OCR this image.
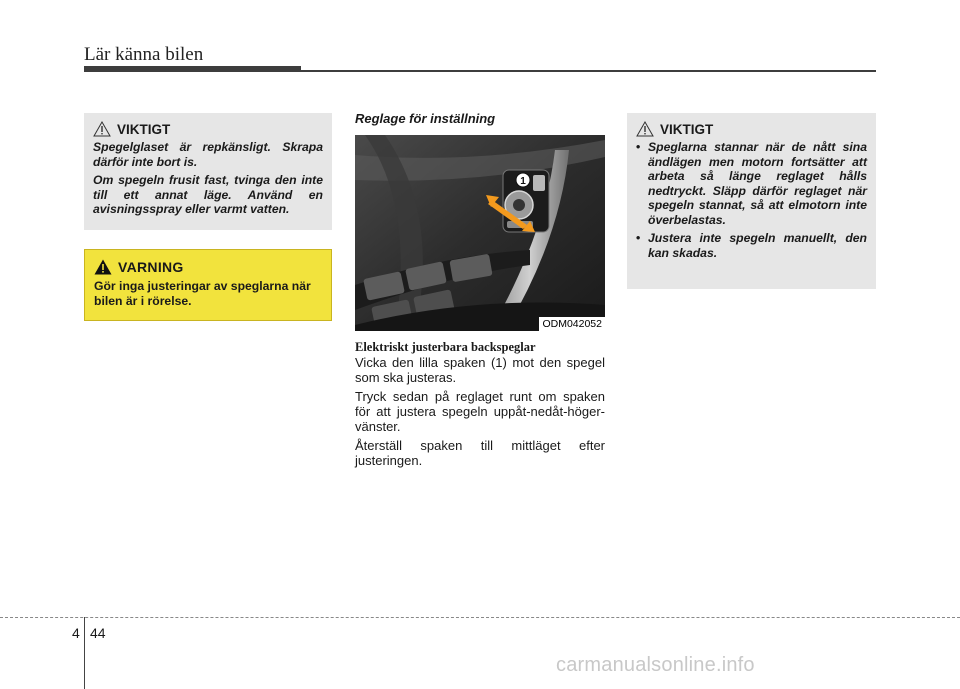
Lär känna bilen
VIKTIGT

Spegelglaset är repkänsligt. Skrapa därför inte bort is.

Om spegeln frusit fast, tvinga den inte till ett annat läge. Använd en avisningsspray eller varmt vatten.

VARNING
Gör inga justeringar av speglarna när bilen är i rörelse.
Reglage för inställning
1
ODM042052
Elektriskt justerbara backspeglar

Vicka den lilla spaken (1) mot den spegel som ska justeras.

Tryck sedan på reglaget runt om spaken för att justera spegeln uppåt-nedåt-höger-vänster.

Återställ spaken till mittläget efter justeringen.

VIKTIGT
• Speglarna stannar när de nått sina ändlägen men motorn fortsätter att arbeta så länge reglaget hålls nedtryckt. Släpp därför reglaget när spegeln stannat, så att elmotorn inte överbelastas.
• Justera inte spegeln manuellt, den kan skadas.
4 44
carmanualsonline.info
